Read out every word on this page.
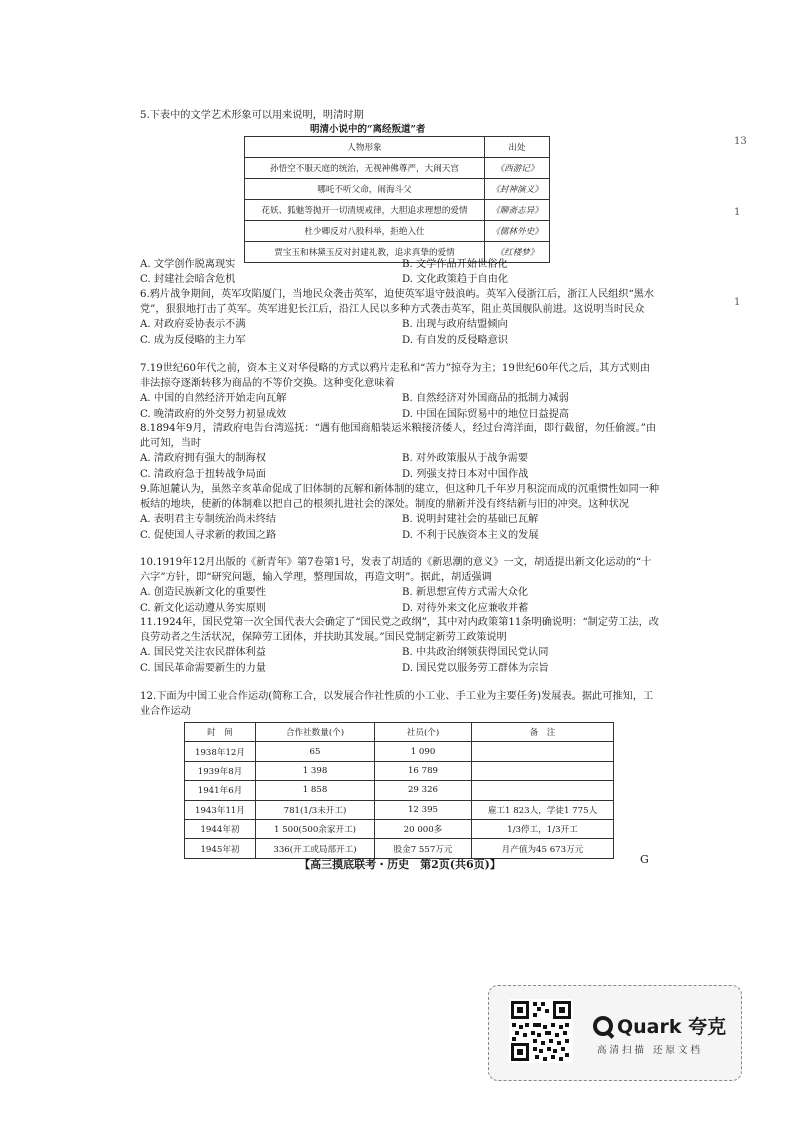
5.下表中的文学艺术形象可以用来说明，明清时期
明清小说中的“离经叛道”者
人物形象	出处
孙悟空不服天庭的统治，无视神佛尊严，大闹天宫	《西游记》
哪吒不听父命，闹海斗父	《封神演义》
花妖、狐魅等抛开一切清规戒律，大胆追求理想的爱情	《聊斋志异》
杜少卿反对八股科举，拒绝入仕	《儒林外史》
贾宝玉和林黛玉反对封建礼教，追求真挚的爱情	《红楼梦》
A. 文学创作脱离现实	B. 文学作品开始世俗化
C. 封建社会暗含危机	D. 文化政策趋于自由化
6.鸦片战争期间，英军攻陷厦门，当地民众袭击英军，迫使英军退守鼓浪屿。英军入侵浙江后，浙江人民组织“黑水党”，狠狠地打击了英军。英军进犯长江后，沿江人民以多种方式袭击英军，阻止英国舰队前进。这说明当时民众
A. 对政府妥协表示不满	B. 出现与政府结盟倾向
C. 成为反侵略的主力军	D. 有自发的反侵略意识
7.19世纪60年代之前，资本主义对华侵略的方式以鸦片走私和“苦力”掠夺为主；19世纪60年代之后，其方式则由非法掠夺逐渐转移为商品的不等价交换。这种变化意味着
A. 中国的自然经济开始走向瓦解	B. 自然经济对外国商品的抵制力减弱
C. 晚清政府的外交努力初显成效	D. 中国在国际贸易中的地位日益提高
8.1894年9月，清政府电告台湾巡抚：“遇有他国商船装运米粮接济倭人，经过台湾洋面，即行截留，勿任偷渡。”由此可知，当时
A. 清政府拥有强大的制海权	B. 对外政策服从于战争需要
C. 清政府急于扭转战争局面	D. 列强支持日本对中国作战
9.陈旭麓认为，虽然辛亥革命促成了旧体制的瓦解和新体制的建立，但这种几千年岁月积淀而成的沉重惯性如同一种板结的地块，使新的体制难以把自己的根须扎进社会的深处。制度的鼎新并没有终结新与旧的冲突。这种状况
A. 表明君主专制统治尚未终结	B. 说明封建社会的基础已瓦解
C. 促使国人寻求新的救国之路	D. 不利于民族资本主义的发展
10.1919年12月出版的《新青年》第7卷第1号，发表了胡适的《新思潮的意义》一文，胡适提出新文化运动的“十六字”方针，即“研究问题，输入学理，整理国故，再造文明”。据此，胡适强调
A. 创造民族新文化的重要性	B. 新思想宣传方式需大众化
C. 新文化运动遵从务实原则	D. 对待外来文化应兼收并蓄
11.1924年，国民党第一次全国代表大会确定了“国民党之政纲”，其中对内政策第11条明确说明：“制定劳工法，改良劳动者之生活状况，保障劳工团体，并扶助其发展。”国民党制定新劳工政策说明
A. 国民党关注农民群体利益	B. 中共政治纲领获得国民党认同
C. 国民革命需要新生的力量	D. 国民党以服务劳工群体为宗旨
12.下面为中国工业合作运动(简称工合，以发展合作社性质的小工业、手工业为主要任务)发展表。据此可推知，工业合作运动
时　间	合作社数量(个)	社员(个)	备　注
1938年12月	65	1 090	
1939年8月	1 398	16 789	
1941年6月	1 858	29 326	
1943年11月	781(1/3未开工)	12 395	雇工1 823人，学徒1 775人
1944年初	1 500(500余家开工)	20 000多	1/3停工，1/3开工
1945年初	336(开工或局部开工)	股金7 557万元	月产值为45 673万元
【高三摸底联考・历史　第2页(共6页)】	G
13
1
1
Quark 夸克
高清扫描 还原文档
